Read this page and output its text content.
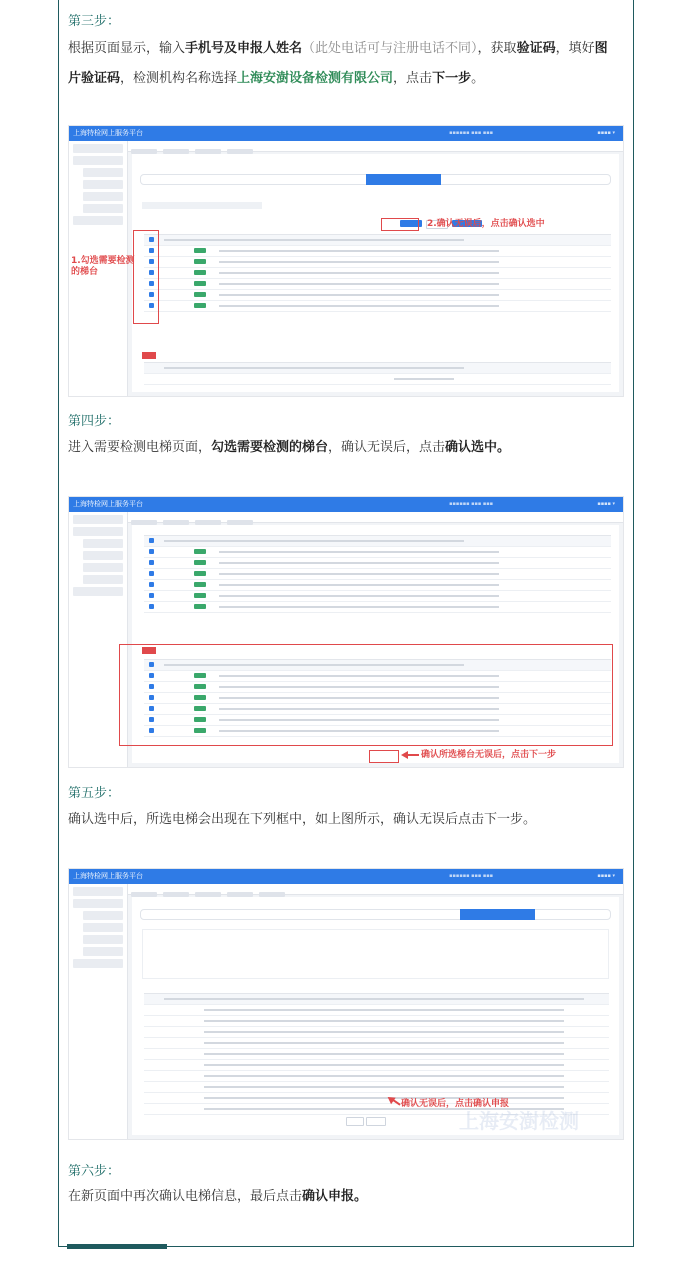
第三步：
根据页面显示，输入手机号及申报人姓名（此处电话可与注册电话不同），获取验证码，填好图片验证码，检测机构名称选择上海安澍设备检测有限公司，点击下一步。
上海特检网上服务平台	▪▪▪▪▪▪ ▪▪▪ ▪▪▪	▪▪▪▪ ▾
1.勾选需要检测的梯台
2.确认无误后，点击确认选中
第四步：
进入需要检测电梯页面，勾选需要检测的梯台，确认无误后，点击确认选中。
上海特检网上服务平台	▪▪▪▪▪▪ ▪▪▪ ▪▪▪	▪▪▪▪ ▾
确认所选梯台无误后，点击下一步
第五步：
确认选中后，所选电梯会出现在下列框中，如上图所示，确认无误后点击下一步。
上海特检网上服务平台	▪▪▪▪▪▪ ▪▪▪ ▪▪▪	▪▪▪▪ ▾
上海安澍检测
确认无误后，点击确认申报
第六步：
在新页面中再次确认电梯信息，最后点击确认申报。
